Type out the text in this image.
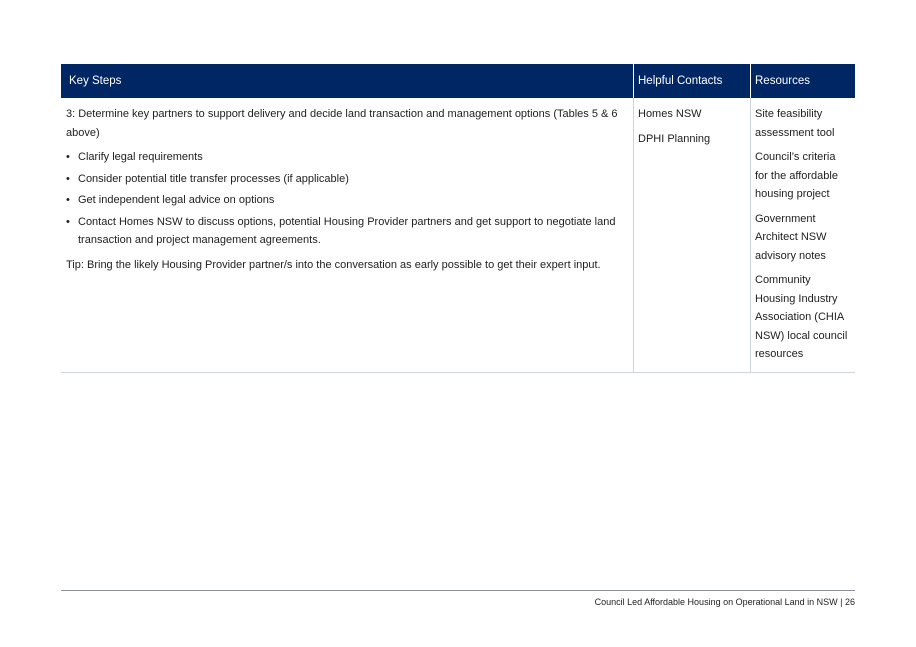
Key Steps	Helpful Contacts	Resources

3: Determine key partners to support delivery and decide land transaction and management options (Tables 5 & 6 above)

• Clarify legal requirements
• Consider potential title transfer processes (if applicable)
• Get independent legal advice on options
• Contact Homes NSW to discuss options, potential Housing Provider partners and get support to negotiate land transaction and project management agreements.

Tip: Bring the likely Housing Provider partner/s into the conversation as early possible to get their expert input.

Homes NSW

DPHI Planning

Site feasibility assessment tool

Council’s criteria for the affordable housing project

Government Architect NSW advisory notes

Community Housing Industry Association (CHIA NSW) local council resources

Council Led Affordable Housing on Operational Land in NSW | 26
